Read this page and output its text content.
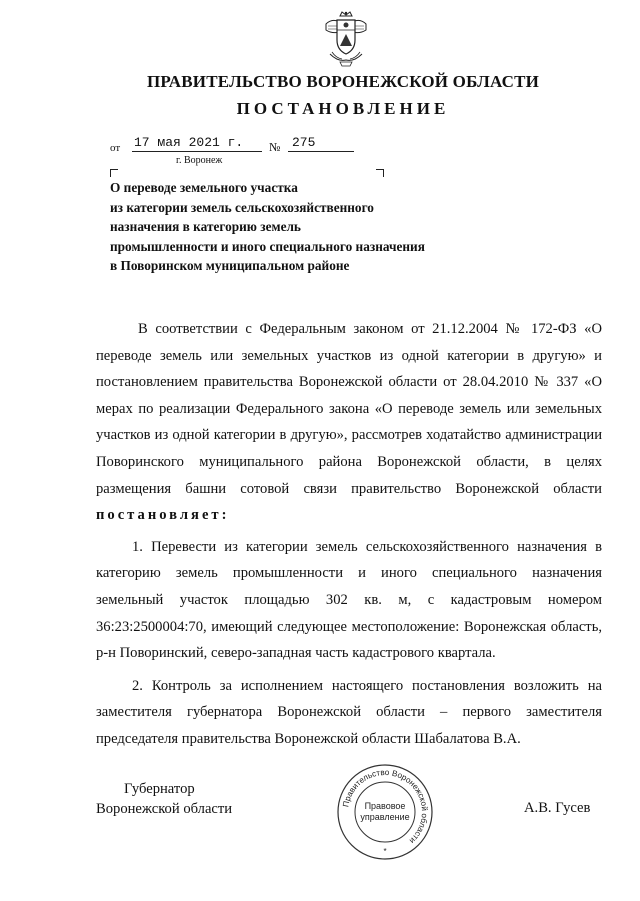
ПРАВИТЕЛЬСТВО ВОРОНЕЖСКОЙ ОБЛАСТИ
ПОСТАНОВЛЕНИЕ
от 17 мая 2021 г.	№ 275
г. Воронеж
О переводе земельного участка
из категории земель сельскохозяйственного
назначения в категорию земель
промышленности и иного специального назначения
в Поворинском муниципальном районе

В соответствии с Федеральным законом от 21.12.2004 № 172-ФЗ «О переводе земель или земельных участков из одной категории в другую» и постановлением правительства Воронежской области от 28.04.2010 № 337 «О мерах по реализации Федерального закона «О переводе земель или земельных участков из одной категории в другую», рассмотрев ходатайство администрации Поворинского муниципального района Воронежской области, в целях размещения башни сотовой связи правительство Воронежской области постановляет:

1. Перевести из категории земель сельскохозяйственного назначения в категорию земель промышленности и иного специального назначения земельный участок площадью 302 кв. м, с кадастровым номером 36:23:2500004:70, имеющий следующее местоположение: Воронежская область, р-н Поворинский, северо-западная часть кадастрового квартала.

2. Контроль за исполнением настоящего постановления возложить на заместителя губернатора Воронежской области – первого заместителя председателя правительства Воронежской области Шабалатова В.А.

Губернатор
Воронежской области	Правительство Воронежской области
Правовое
управление
*
А.В. Гусев
